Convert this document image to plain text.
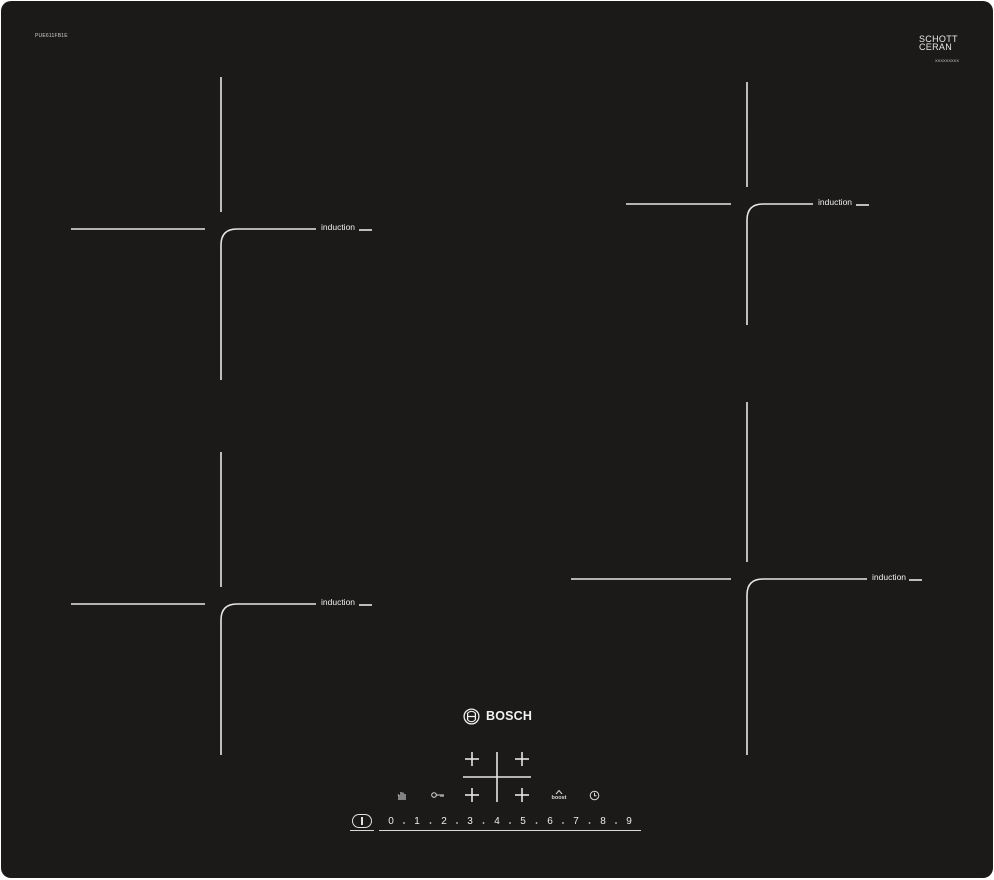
PUE611FB1E	SCHOTT
CERAN
XXXXXXXXX
induction
induction
induction
induction
BOSCH
boost
0	1	2	3	4	5	6	7	8	9
